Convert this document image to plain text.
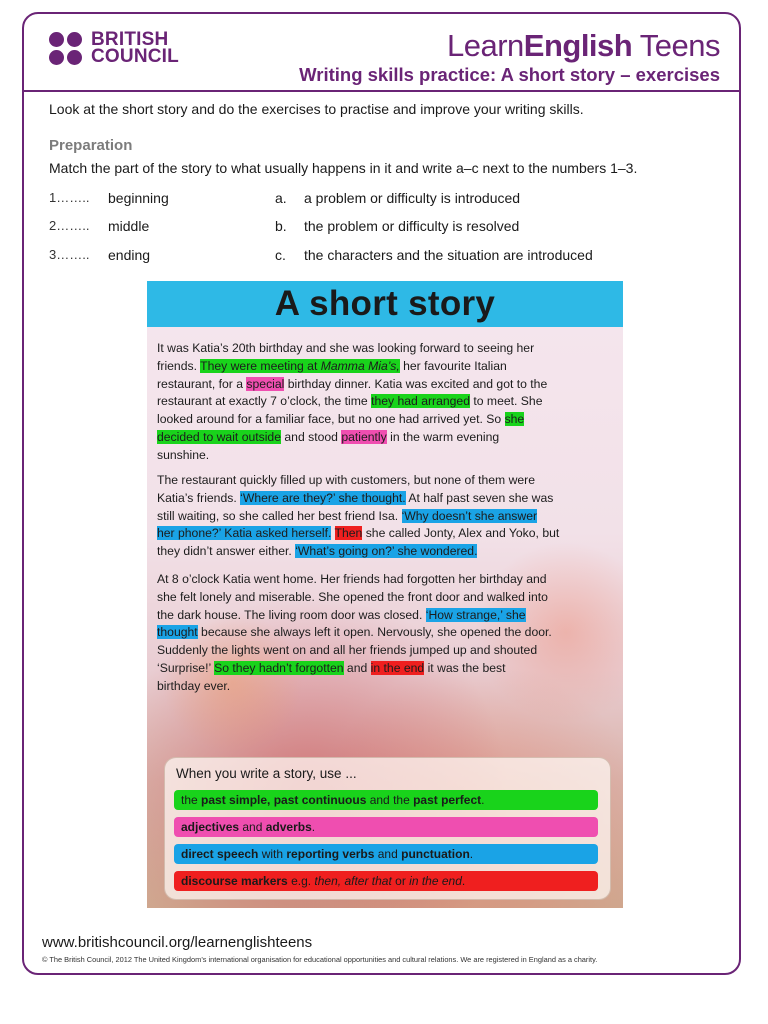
BRITISH
COUNCIL	LearnEnglish Teens
Writing skills practice: A short story – exercises
Look at the short story and do the exercises to practise and improve your writing skills.
Preparation
Match the part of the story to what usually happens in it and write a–c next to the numbers 1–3.
1…….. beginning	a. a problem or difficulty is introduced
2…….. middle	b. the problem or difficulty is resolved
3…….. ending	c. the characters and the situation are introduced
A short story
It was Katia’s 20th birthday and she was looking forward to seeing her
friends. They were meeting at Mamma Mia’s, her favourite Italian
restaurant, for a special birthday dinner. Katia was excited and got to the
restaurant at exactly 7 o’clock, the time they had arranged to meet. She
looked around for a familiar face, but no one had arrived yet. So she
decided to wait outside and stood patiently in the warm evening
sunshine.
The restaurant quickly filled up with customers, but none of them were
Katia’s friends. ‘Where are they?’ she thought. At half past seven she was
still waiting, so she called her best friend Isa. ‘Why doesn’t she answer
her phone?’ Katia asked herself. Then she called Jonty, Alex and Yoko, but
they didn’t answer either. ‘What’s going on?’ she wondered.
At 8 o’clock Katia went home. Her friends had forgotten her birthday and
she felt lonely and miserable. She opened the front door and walked into
the dark house. The living room door was closed. ‘How strange,’ she
thought because she always left it open. Nervously, she opened the door.
Suddenly the lights went on and all her friends jumped up and shouted
‘Surprise!’ So they hadn’t forgotten and in the end it was the best
birthday ever.
When you write a story, use ...
the past simple, past continuous and the past perfect.
adjectives and adverbs.
direct speech with reporting verbs and punctuation.
discourse markers e.g. then, after that or in the end.
www.britishcouncil.org/learnenglishteens
© The British Council, 2012 The United Kingdom’s international organisation for educational opportunities and cultural relations. We are registered in England as a charity.
